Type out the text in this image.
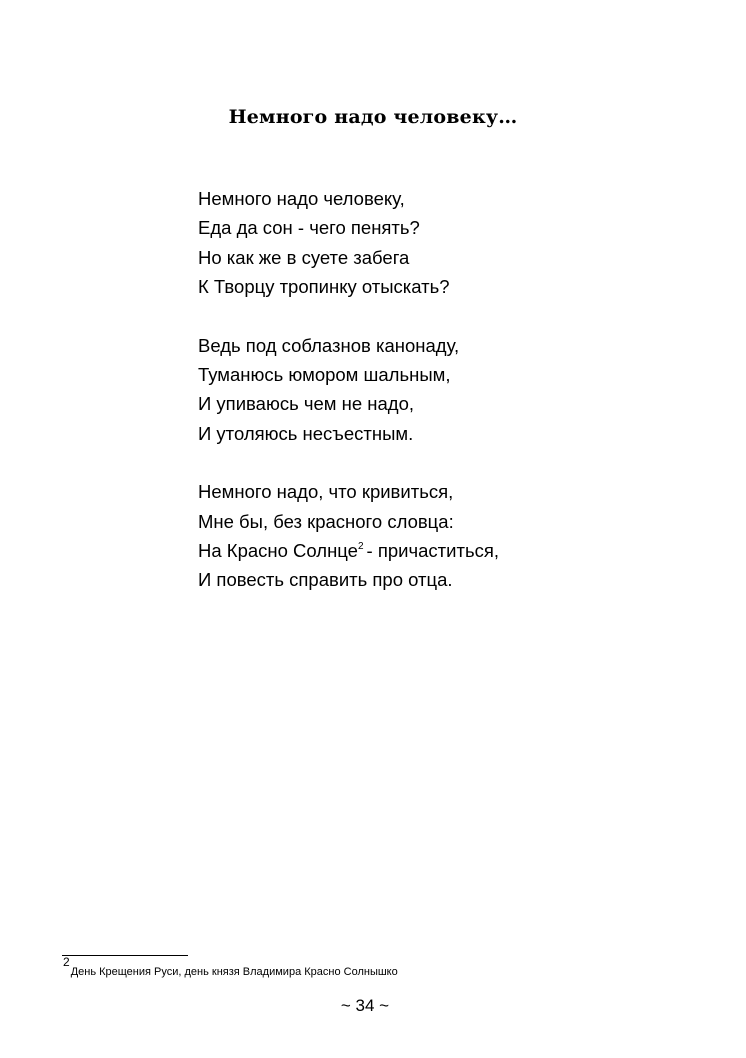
Немного надо человеку…
Немного надо человеку,
Еда да сон - чего пенять?
Но как же в суете забега
К Творцу тропинку отыскать?
Ведь под соблазнов канонаду,
Туманюсь юмором шальным,
И упиваюсь чем не надо,
И утоляюсь несъестным.
Немного надо, что кривиться,
Мне бы, без красного словца:
На Красно Солнце$^2$ - причаститься,
И повесть справить про отца.
2День Крещения Руси, день князя Владимира Красно Солнышко
~ 34 ~
